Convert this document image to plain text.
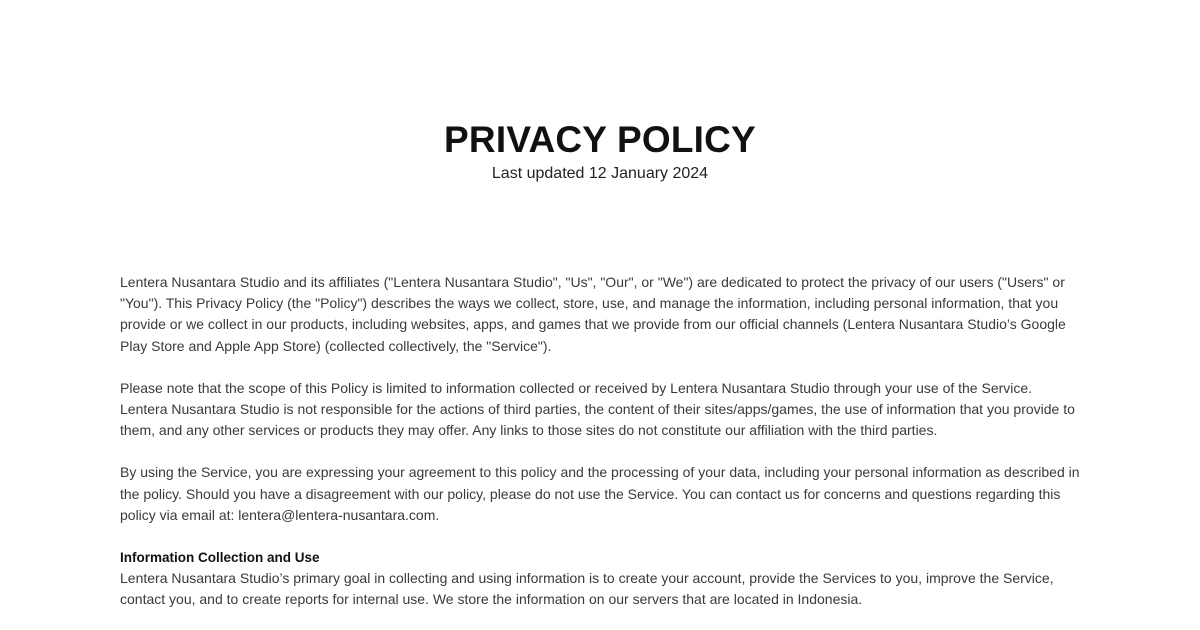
PRIVACY POLICY
Last updated 12 January 2024

Lentera Nusantara Studio and its affiliates ("Lentera Nusantara Studio", "Us", "Our", or "We") are dedicated to protect the privacy of our users ("Users" or "You"). This Privacy Policy (the "Policy") describes the ways we collect, store, use, and manage the information, including personal information, that you provide or we collect in our products, including websites, apps, and games that we provide from our official channels (Lentera Nusantara Studio’s Google Play Store and Apple App Store) (collected collectively, the "Service").

Please note that the scope of this Policy is limited to information collected or received by Lentera Nusantara Studio through your use of the Service. Lentera Nusantara Studio is not responsible for the actions of third parties, the content of their sites/apps/games, the use of information that you provide to them, and any other services or products they may offer. Any links to those sites do not constitute our affiliation with the third parties.

By using the Service, you are expressing your agreement to this policy and the processing of your data, including your personal information as described in the policy. Should you have a disagreement with our policy, please do not use the Service. You can contact us for concerns and questions regarding this policy via email at: lentera@lentera-nusantara.com.

Information Collection and Use
Lentera Nusantara Studio’s primary goal in collecting and using information is to create your account, provide the Services to you, improve the Service, contact you, and to create reports for internal use. We store the information on our servers that are located in Indonesia.
